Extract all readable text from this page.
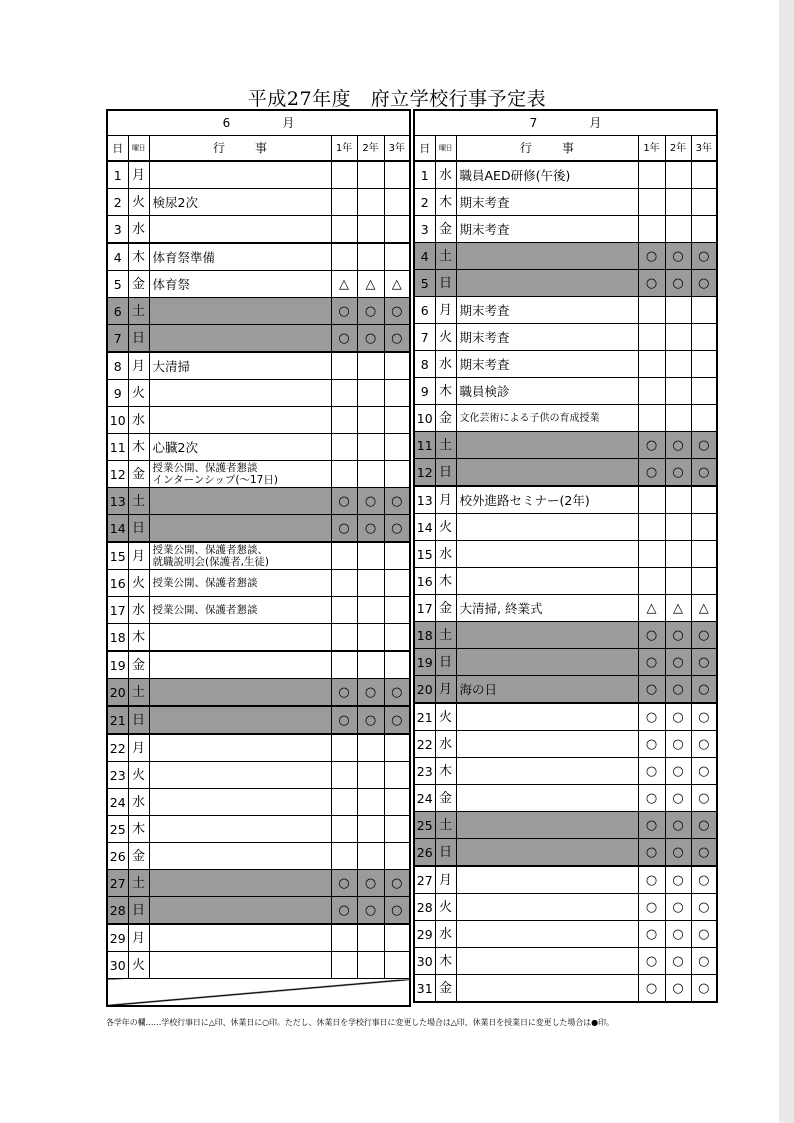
平成27年度　府立学校行事予定表
6　　　　 月					
日	曜日	行事	1年	2年	3年
1	月				
2	火	検尿2次			
3	水				
4	木	体育祭準備			
5	金	体育祭	△	△	△
6	土		○	○	○
7	日		○	○	○
8	月	大清掃			
9	火				
10	水				
11	木	心臓2次			
12	金	授業公開、保護者懇談
インターンシップ(～17日)			
13	土		○	○	○
14	日		○	○	○
15	月	授業公開、保護者懇談、
就職説明会(保護者,生徒)			
16	火	授業公開、保護者懇談			
17	水	授業公開、保護者懇談			
18	木				
19	金				
20	土		○	○	○
21	日		○	○	○
22	月				
23	火				
24	水				
25	木				
26	金				
27	土		○	○	○
28	日		○	○	○
29	月				
30	火				

7　　　　 月					
日	曜日	行事	1年	2年	3年
1	水	職員AED研修(午後)			
2	木	期末考査			
3	金	期末考査			
4	土		○	○	○
5	日		○	○	○
6	月	期末考査			
7	火	期末考査			
8	水	期末考査			
9	木	職員検診			
10	金	文化芸術による子供の育成授業			
11	土		○	○	○
12	日		○	○	○
13	月	校外進路セミナー(2年)			
14	火				
15	水				
16	木				
17	金	大清掃, 終業式	△	△	△
18	土		○	○	○
19	日		○	○	○
20	月	海の日	○	○	○
21	火		○	○	○
22	水		○	○	○
23	木		○	○	○
24	金		○	○	○
25	土		○	○	○
26	日		○	○	○
27	月		○	○	○
28	火		○	○	○
29	水		○	○	○
30	木		○	○	○
31	金		○	○	○
各学年の欄……学校行事日に△印、休業日に○印。ただし、休業日を学校行事日に変更した場合は△印、休業日を授業日に変更した場合は●印。
